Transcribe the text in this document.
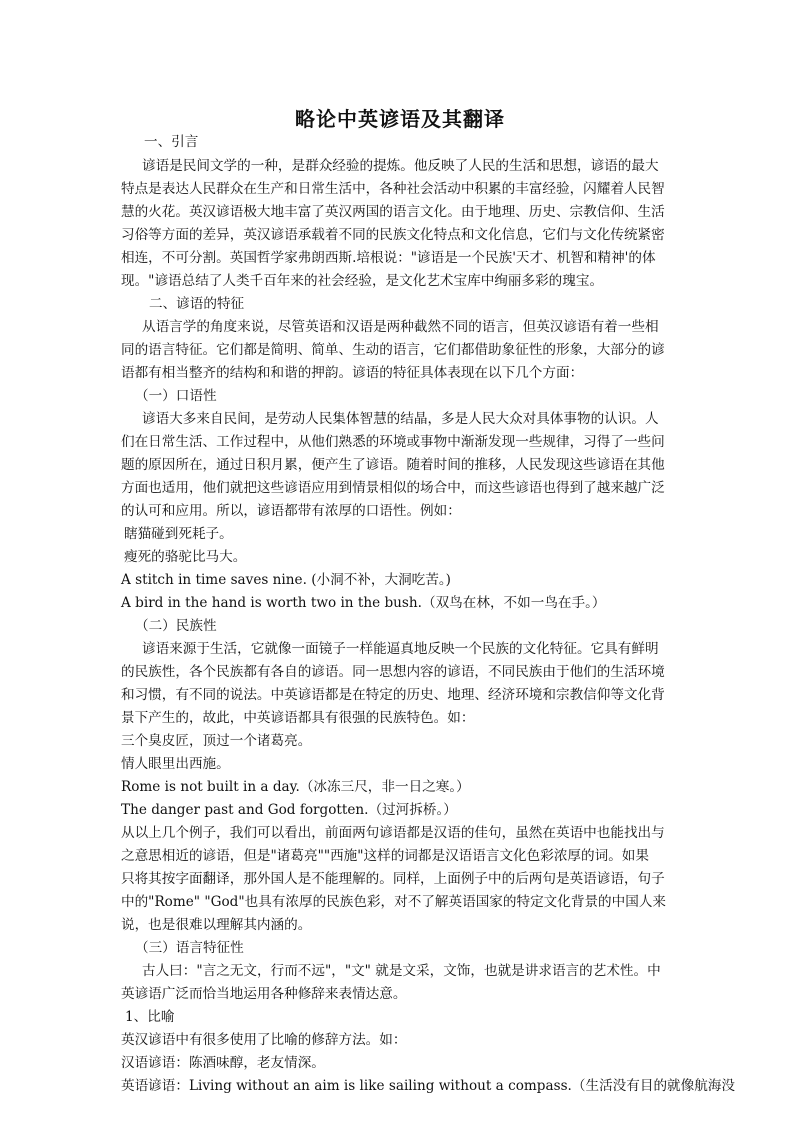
略论中英谚语及其翻译
一、引言
谚语是民间文学的一种，是群众经验的提炼。他反映了人民的生活和思想，谚语的最大
特点是表达人民群众在生产和日常生活中，各种社会活动中积累的丰富经验，闪耀着人民智
慧的火花。英汉谚语极大地丰富了英汉两国的语言文化。由于地理、历史、宗教信仰、生活
习俗等方面的差异，英汉谚语承载着不同的民族文化特点和文化信息，它们与文化传统紧密
相连，不可分割。英国哲学家弗朗西斯.培根说："谚语是一个民族'天才、机智和精神'的体
现。"谚语总结了人类千百年来的社会经验，是文化艺术宝库中绚丽多彩的瑰宝。
二、谚语的特征
从语言学的角度来说，尽管英语和汉语是两种截然不同的语言，但英汉谚语有着一些相
同的语言特征。它们都是简明、简单、生动的语言，它们都借助象征性的形象，大部分的谚
语都有相当整齐的结构和和谐的押韵。谚语的特征具体表现在以下几个方面：
（一）口语性
谚语大多来自民间，是劳动人民集体智慧的结晶，多是人民大众对具体事物的认识。人
们在日常生活、工作过程中，从他们熟悉的环境或事物中渐渐发现一些规律，习得了一些问
题的原因所在，通过日积月累，便产生了谚语。随着时间的推移，人民发现这些谚语在其他
方面也适用，他们就把这些谚语应用到情景相似的场合中，而这些谚语也得到了越来越广泛
的认可和应用。所以，谚语都带有浓厚的口语性。例如：
瞎猫碰到死耗子。
瘦死的骆驼比马大。
A stitch in time saves nine. (小洞不补，大洞吃苦。)
A bird in the hand is worth two in the bush.（双鸟在林，不如一鸟在手。）
（二）民族性
谚语来源于生活，它就像一面镜子一样能逼真地反映一个民族的文化特征。它具有鲜明
的民族性，各个民族都有各自的谚语。同一思想内容的谚语，不同民族由于他们的生活环境
和习惯，有不同的说法。中英谚语都是在特定的历史、地理、经济环境和宗教信仰等文化背
景下产生的，故此，中英谚语都具有很强的民族特色。如：
三个臭皮匠，顶过一个诸葛亮。
情人眼里出西施。
Rome is not built in a day.（冰冻三尺，非一日之寒。）
The danger past and God forgotten.（过河拆桥。）
从以上几个例子，我们可以看出，前面两句谚语都是汉语的佳句，虽然在英语中也能找出与
之意思相近的谚语，但是"诸葛亮""西施"这样的词都是汉语语言文化色彩浓厚的词。如果
只将其按字面翻译，那外国人是不能理解的。同样，上面例子中的后两句是英语谚语，句子
中的"Rome" "God"也具有浓厚的民族色彩，对不了解英语国家的特定文化背景的中国人来
说，也是很难以理解其内涵的。
（三）语言特征性
古人曰："言之无文，行而不远"，"文" 就是文采，文饰，也就是讲求语言的艺术性。中
英谚语广泛而恰当地运用各种修辞来表情达意。
1、比喻
英汉谚语中有很多使用了比喻的修辞方法。如：
汉语谚语：陈酒味醇，老友情深。
英语谚语：Living without an aim is like sailing without a compass.（生活没有目的就像航海没
